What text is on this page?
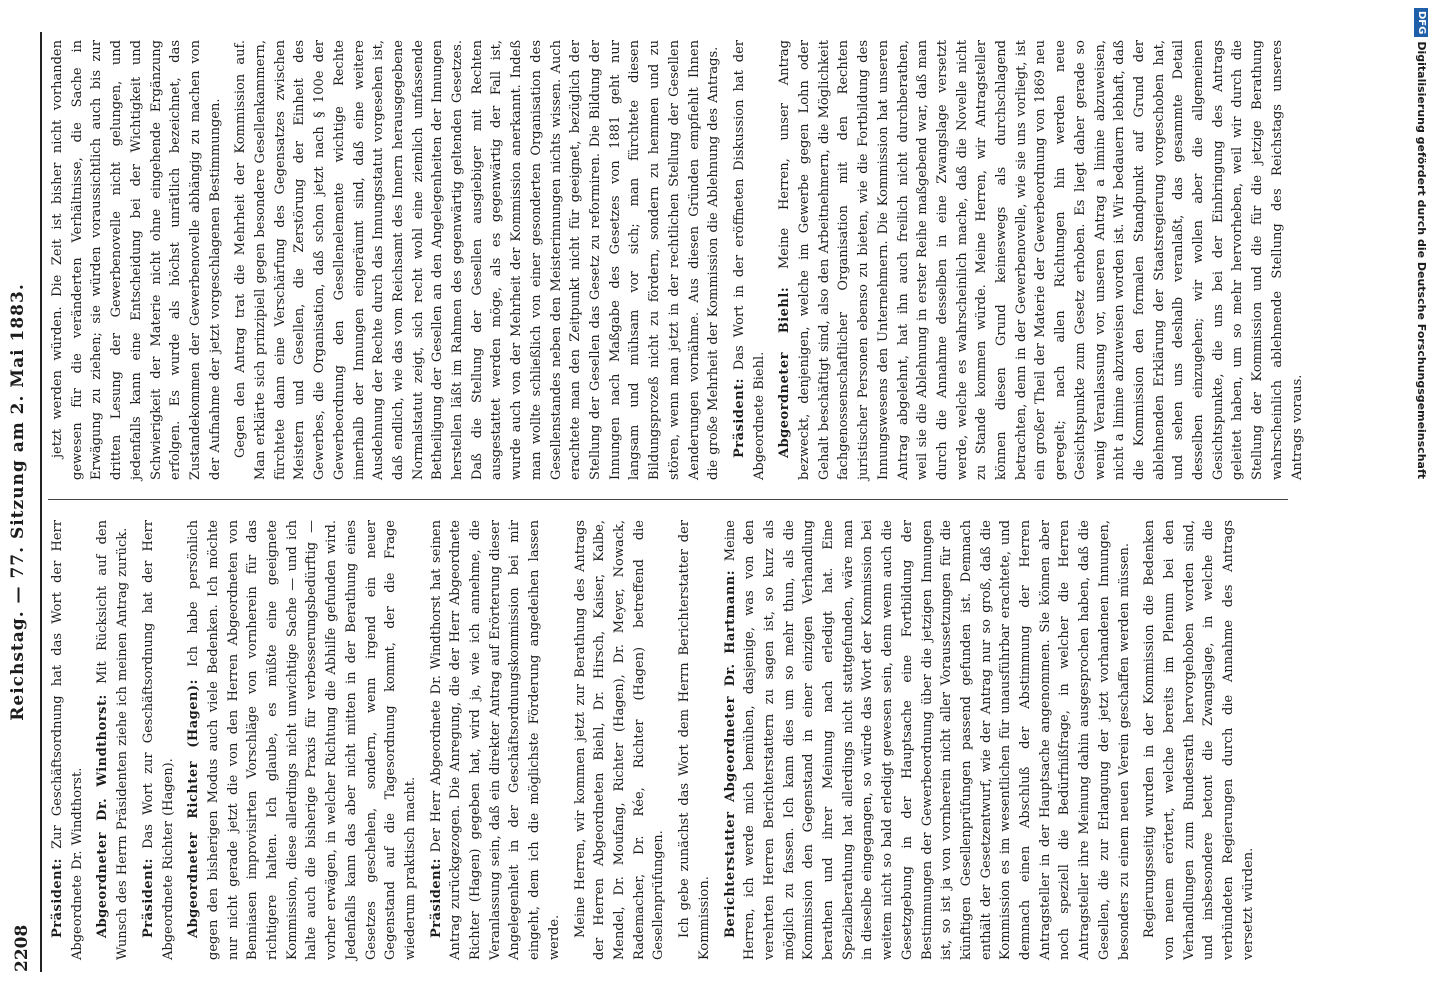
2208
Reichstag. — 77. Sitzung am 2. Mai 1883.

Präsident: Zur Geschäftsordnung hat das Wort der Herr Abgeordnete Dr. Windthorst. Abgeordneter Dr. Windthorst: Mit Rücksicht auf den Wunsch des Herrn Präsidenten ziehe ich meinen Antrag zurück. Präsident: Das Wort zur Geschäftsordnung hat der Herr Abgeordnete Richter (Hagen). Abgeordneter Richter (Hagen): Ich habe persönlich gegen den bisherigen Modus auch viele Bedenken. Ich möchte nur nicht gerade jetzt die von den Herren Abgeordneten von Benniasen improvisirten Vorschläge von vornherein für das richtigere halten. Ich glaube, es müßte eine geeignete Kommission, diese allerdings nicht unwichtige Sache — und ich halte auch die bisherige Praxis für verbesserungsbedürftig — vorher erwägen, in welcher Richtung die Abhilfe gefunden wird. Jedenfalls kann das aber nicht mitten in der Berathung eines Gesetzes geschehen, sondern, wenn irgend ein neuer Gegenstand auf die Tagesordnung kommt, der die Frage wiederum praktisch macht. Präsident: Der Herr Abgeordnete Dr. Windthorst hat seinen Antrag zurückgezogen. Die Anregung, die der Herr Abgeordnete Richter (Hagen) gegeben hat, wird ja, wie ich annehme, die Veranlassung sein, daß ein direkter Antrag auf Erörterung dieser Angelegenheit in der Geschäftsordnungskommission bei mir eingeht, dem ich die möglichste Förderung angedeihen lassen werde. Meine Herren, wir kommen jetzt zur Berathung des Antrags der Herren Abgeordneten Biehl, Dr. Hirsch, Kaiser, Kalbe, Mendel, Dr. Moufang, Richter (Hagen), Dr. Meyer, Nowack, Rademacher, Dr. Rée, Richter (Hagen) betreffend die Gesellenprüfungen. Ich gebe zunächst das Wort dem Herrn Berichterstatter der Kommission. Berichterstatter Abgeordneter Dr. Hartmann: Meine Herren, ich werde mich bemühen, dasjenige, was von den verehrten Herren Berichterstattern zu sagen ist, so kurz als möglich zu fassen. Ich kann dies um so mehr thun, als die Kommission den Gegenstand in einer einzigen Verhandlung berathen und ihrer Meinung nach erledigt hat. Eine Spezialberathung hat allerdings nicht stattgefunden, wäre man in dieselbe eingegangen, so würde das Wort der Kommission bei weitem nicht so bald erledigt gewesen sein, denn wenn auch die Gesetzgebung in der Hauptsache eine Fortbildung der Bestimmungen der Gewerbeordnung über die jetzigen Innungen ist, so ist ja von vornherein nicht aller Voraussetzungen für die künftigen Gesellenprüfungen passend gefunden ist. Demnach enthält der Gesetzentwurf, wie der Antrag nur so groß, daß die Kommission es im wesentlichen für unausführbar erachtete, und demnach einen Abschluß der Abstimmung der Herren Antragsteller in der Hauptsache angenommen. Sie können aber noch speziell die Bedürfnißfrage, in welcher die Herren Antragsteller ihre Meinung dahin ausgesprochen haben, daß die Gesellen, die zur Erlangung der jetzt vorhandenen Innungen, besonders zu einem neuen Verein geschaffen werden müssen. Regierungsseitig wurden in der Kommission die Bedenken von neuem erörtert, welche bereits im Plenum bei den Verhandlungen zum Bundesrath hervorgehoben worden sind, und insbesondere betont die Zwangslage, in welche die verbündeten Regierungen durch die Annahme des Antrags versetzt würden.

jetzt werden würden. Die Zeit ist bisher nicht vorhanden gewesen für die veränderten Verhältnisse, die Sache in Erwägung zu ziehen; sie würden voraussichtlich auch bis zur dritten Lesung der Gewerbenovelle nicht gelungen, und jedenfalls kann eine Entscheidung bei der Wichtigkeit und Schwierigkeit der Materie nicht ohne eingehende Ergänzung erfolgen. Es wurde als höchst unrätlich bezeichnet, das Zustandekommen der Gewerbenovelle abhängig zu machen von der Aufnahme der jetzt vorgeschlagenen Bestimmungen. Gegen den Antrag trat die Mehrheit der Kommission auf. Man erklärte sich prinzipiell gegen besondere Gesellenkammern, fürchtete dann eine Verschärfung des Gegensatzes zwischen Meistern und Gesellen, die Zerstörung der Einheit des Gewerbes, die Organisation, daß schon jetzt nach § 100e der Gewerbeordnung den Gesellenelemente wichtige Rechte innerhalb der Innungen eingeräumt sind, daß eine weitere Ausdehnung der Rechte durch das Innungsstatut vorgesehen ist, daß endlich, wie das vom Reichsamt des Innern herausgegebene Normalstatut zeigt, sich recht wohl eine ziemlich umfassende Betheiligung der Gesellen an den Angelegenheiten der Innungen herstellen läßt im Rahmen des gegenwärtig geltenden Gesetzes. Daß die Stellung der Gesellen ausgiebiger mit Rechten ausgestattet werden möge, als es gegenwärtig der Fall ist, wurde auch von der Mehrheit der Kommission anerkannt. Indeß man wollte schließlich von einer gesonderten Organisation des Gesellenstandes neben den Meisterinnungen nichts wissen. Auch erachtete man den Zeitpunkt nicht für geeignet, bezüglich der Stellung der Gesellen das Gesetz zu reformiren. Die Bildung der Innungen nach Maßgabe des Gesetzes von 1881 geht nur langsam und mühsam vor sich; man fürchtete diesen Bildungsprozeß nicht zu fördern, sondern zu hemmen und zu stören, wenn man jetzt in der rechtlichen Stellung der Gesellen Aenderungen vornähme. Aus diesen Gründen empfiehlt Ihnen die große Mehrheit der Kommission die Ablehnung des Antrags. Präsident: Das Wort in der eröffneten Diskussion hat der Abgeordnete Biehl. Abgeordneter Biehl: Meine Herren, unser Antrag bezweckt, denjenigen, welche im Gewerbe gegen Lohn oder Gehalt beschäftigt sind, also den Arbeitnehmern, die Möglichkeit fachgenossenschaftlicher Organisation mit den Rechten juristischer Personen ebenso zu bieten, wie die Fortbildung des Innungswesens den Unternehmern. Die Kommission hat unseren Antrag abgelehnt, hat ihn auch freilich nicht durchberathen, weil sie die Ablehnung in erster Reihe maßgebend war, daß man durch die Annahme desselben in eine Zwangslage versetzt werde, welche es wahrscheinlich mache, daß die Novelle nicht zu Stande kommen würde. Meine Herren, wir Antragsteller können diesen Grund keineswegs als durchschlagend betrachten, denn in der Gewerbenovelle, wie sie uns vorliegt, ist ein großer Theil der Materie der Gewerbeordnung von 1869 neu geregelt; nach allen Richtungen hin werden neue Gesichtspunkte zum Gesetz erhoben. Es liegt daher gerade so wenig Veranlassung vor, unseren Antrag a limine abzuweisen, nicht a limine abzuweisen worden ist. Wir bedauern lebhaft, daß die Kommission den formalen Standpunkt auf Grund der ablehnenden Erklärung der Staatsregierung vorgeschoben hat, und sehen uns deshalb veranlaßt, das gesammte Detail desselben einzugehen; wir wollen aber die allgemeinen Gesichtspunkte, die uns bei der Einbringung des Antrags geleitet haben, um so mehr hervorheben, weil wir durch die Stellung der Kommission und die für die jetzige Berathung wahrscheinlich ablehnende Stellung des Reichstags unseres Antrags voraus.

DFG
Digitalisierung gefördert durch die Deutsche Forschungsgemeinschaft
